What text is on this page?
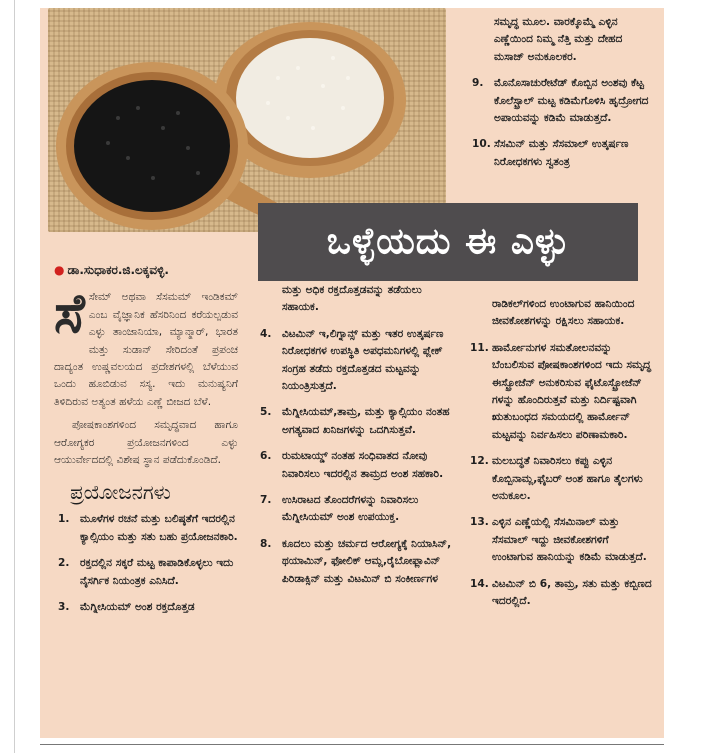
ಒಳ್ಳೆಯದು ಈ ಎಳ್ಳು
● ಡಾ.ಸುಧಾಕರ.ಜಿ.ಲಕ್ಕವಳ್ಳಿ.
ಸೆ ಸೇಮ್ ಅಥವಾ ಸೆಸಮಮ್ ಇಂಡಿಕಮ್ ಎಂಬ ವೈಜ್ಞಾನಿಕ ಹೆಸರಿನಿಂದ ಕರೆಯಲ್ಪಡುವ ಎಳ್ಳು ತಾಂಜಾನಿಯಾ, ಮ್ಯಾನ್ಮಾರ್, ಭಾರತ ಮತ್ತು ಸುಡಾನ್ ಸೇರಿದಂತೆ ಪ್ರಪಂಚ ದಾದ್ಯಂತ ಉಷ್ಣವಲಯದ ಪ್ರದೇಶಗಳಲ್ಲಿ ಬೆಳೆಯುವ ಒಂದು ಹೂಬಿಡುವ ಸಸ್ಯ. ಇದು ಮನುಷ್ಯನಿಗೆ ತಿಳಿದಿರುವ ಅತ್ಯಂತ ಹಳೆಯ ಎಣ್ಣೆ ಬೀಜದ ಬೆಳೆ.
ಪೋಷಕಾಂಶಗಳಿಂದ ಸಮೃದ್ಧವಾದ ಹಾಗೂ ಆರೋಗ್ಯಕರ ಪ್ರಯೋಜನಗಳಿಂದ ಎಳ್ಳು ಆಯುರ್ವೇದದಲ್ಲಿ ವಿಶೇಷ ಸ್ಥಾನ ಪಡೆದುಕೊಂಡಿದೆ.
ಪ್ರಯೋಜನಗಳು
1. ಮೂಳೆಗಳ ರಚನೆ ಮತ್ತು ಬಲಿಷ್ಠತೆಗೆ ಇದರಲ್ಲಿನ ಕ್ಯಾಲ್ಸಿಯಂ ಮತ್ತು ಸತು ಬಹು ಪ್ರಯೋಜನಕಾರಿ.
2. ರಕ್ತದಲ್ಲಿನ ಸಕ್ಕರೆ ಮಟ್ಟ ಕಾಪಾಡಿಕೊಳ್ಳಲು ಇದು ನೈಸರ್ಗಿಕ ನಿಯಂತ್ರಕ ಎನಿಸಿದೆ.
3. ಮೆಗ್ನೀಸಿಯಮ್ ಅಂಶ ರಕ್ತದೊತ್ತಡ
ಮತ್ತು ಅಧಿಕ ರಕ್ತದೊತ್ತಡವನ್ನು ತಡೆಯಲು ಸಹಾಯಕ.
4. ವಿಟಮಿನ್ ಇ,ಲಿಗ್ನಾನ್ಸ್ ಮತ್ತು ಇತರ ಉತ್ಕರ್ಷಣ ನಿರೋಧಕಗಳ ಉಪಸ್ಥಿತಿ ಅಪಧಮನಿಗಳಲ್ಲಿ ಪ್ಲೇಕ್ ಸಂಗ್ರಹ ತಡೆದು ರಕ್ತದೊತ್ತಡದ ಮಟ್ಟವನ್ನು ನಿಯಂತ್ರಿಸುತ್ತದೆ.
5. ಮೆಗ್ನೀಸಿಯಮ್,ತಾಮ್ರ, ಮತ್ತು ಕ್ಯಾಲ್ಸಿಯಂ ನಂತಹ ಅಗತ್ಯವಾದ ಖನಿಜಗಳನ್ನು ಒದಗಿಸುತ್ತವೆ.
6. ರುಮಟಾಯ್ಡ್ ನಂತಹ ಸಂಧಿವಾತದ ನೋವು ನಿವಾರಿಸಲು ಇದರಲ್ಲಿನ ತಾಮ್ರದ ಅಂಶ ಸಹಕಾರಿ.
7. ಉಸಿರಾಟದ ತೊಂದರೆಗಳನ್ನು ನಿವಾರಿಸಲು ಮೆಗ್ನೀಸಿಯಮ್ ಅಂಶ ಉಪಯುಕ್ತ.
8. ಕೂದಲು ಮತ್ತು ಚರ್ಮದ ಆರೋಗ್ಯಕ್ಕೆ ನಿಯಾಸಿನ್, ಥಯಾಮಿನ್, ಫೋಲಿಕ್ ಆಮ್ಲ,ರೈಬೋಫ್ಲಾವಿನ್ ಪಿರಿಡಾಕ್ಸಿನ್ ಮತ್ತು ವಿಟಮಿನ್ ಬಿ ಸಂಕೀರ್ಣಗಳ
ಸಮೃದ್ಧ ಮೂಲ. ವಾರಕ್ಕೊಮ್ಮೆ ಎಳ್ಳಿನ ಎಣ್ಣೆಯಿಂದ ನಿಮ್ಮ ನೆತ್ತಿ ಮತ್ತು ದೇಹದ ಮಸಾಜ್ ಅನುಕೂಲಕರ.
9. ಮೊನೊಸಾಚುರೇಟೆಡ್ ಕೊಬ್ಬಿನ ಅಂಶವು ಕೆಟ್ಟ ಕೊಲೆಸ್ಟ್ರಾಲ್ ಮಟ್ಟ ಕಡಿಮೆಗೊಳಿಸಿ ಹೃದ್ರೋಗದ ಅಪಾಯವನ್ನು ಕಡಿಮೆ ಮಾಡುತ್ತದೆ.
10. ಸೆಸಮಿನ್ ಮತ್ತು ಸೆಸಮಾಲ್ ಉತ್ಕರ್ಷಣ ನಿರೋಧಕಗಳು ಸ್ವತಂತ್ರ
ರಾಡಿಕಲ್‌ಗಳಿಂದ ಉಂಟಾಗುವ ಹಾನಿಯಿಂದ ಜೀವಕೋಶಗಳನ್ನು ರಕ್ಷಿಸಲು ಸಹಾಯಕ.
11. ಹಾರ್ಮೋನುಗಳ ಸಮತೋಲನವನ್ನು ಬೆಂಬಲಿಸುವ ಪೋಷಕಾಂಶಗಳಿಂದ ಇದು ಸಮೃದ್ಧ ಈಸ್ಟ್ರೋಜೆನ್ ಅನುಕರಿಸುವ ಫೈಟೊಸ್ಟ್ರೋಜೆನ್ ಗಳನ್ನು ಹೊಂದಿರುತ್ತವೆ ಮತ್ತು ನಿರ್ದಿಷ್ಟವಾಗಿ ಋತುಬಂಧದ ಸಮಯದಲ್ಲಿ ಹಾರ್ಮೋನ್ ಮಟ್ಟವನ್ನು ನಿರ್ವಹಿಸಲು ಪರಿಣಾಮಕಾರಿ.
12. ಮಲಬದ್ಧತೆ ನಿವಾರಿಸಲು ಕಪ್ಪು ಎಳ್ಳಿನ ಕೊಬ್ಬಿನಾಮ್ಲ,ಫೈಬರ್ ಅಂಶ ಹಾಗೂ ತೈಲಗಳು ಅನುಕೂಲ.
13. ಎಳ್ಳಿನ ಎಣ್ಣೆಯಲ್ಲಿ ಸೆಸಮಿನಾಲ್ ಮತ್ತು ಸೆಸಮಾಲ್ ಇದ್ದು ಜೀವಕೋಶಗಳಿಗೆ ಉಂಟಾಗುವ ಹಾನಿಯನ್ನು ಕಡಿಮೆ ಮಾಡುತ್ತದೆ.
14. ವಿಟಮಿನ್ ಬಿ 6, ತಾಮ್ರ, ಸತು ಮತ್ತು ಕಬ್ಬಿಣದ ಇದರಲ್ಲಿದೆ.
